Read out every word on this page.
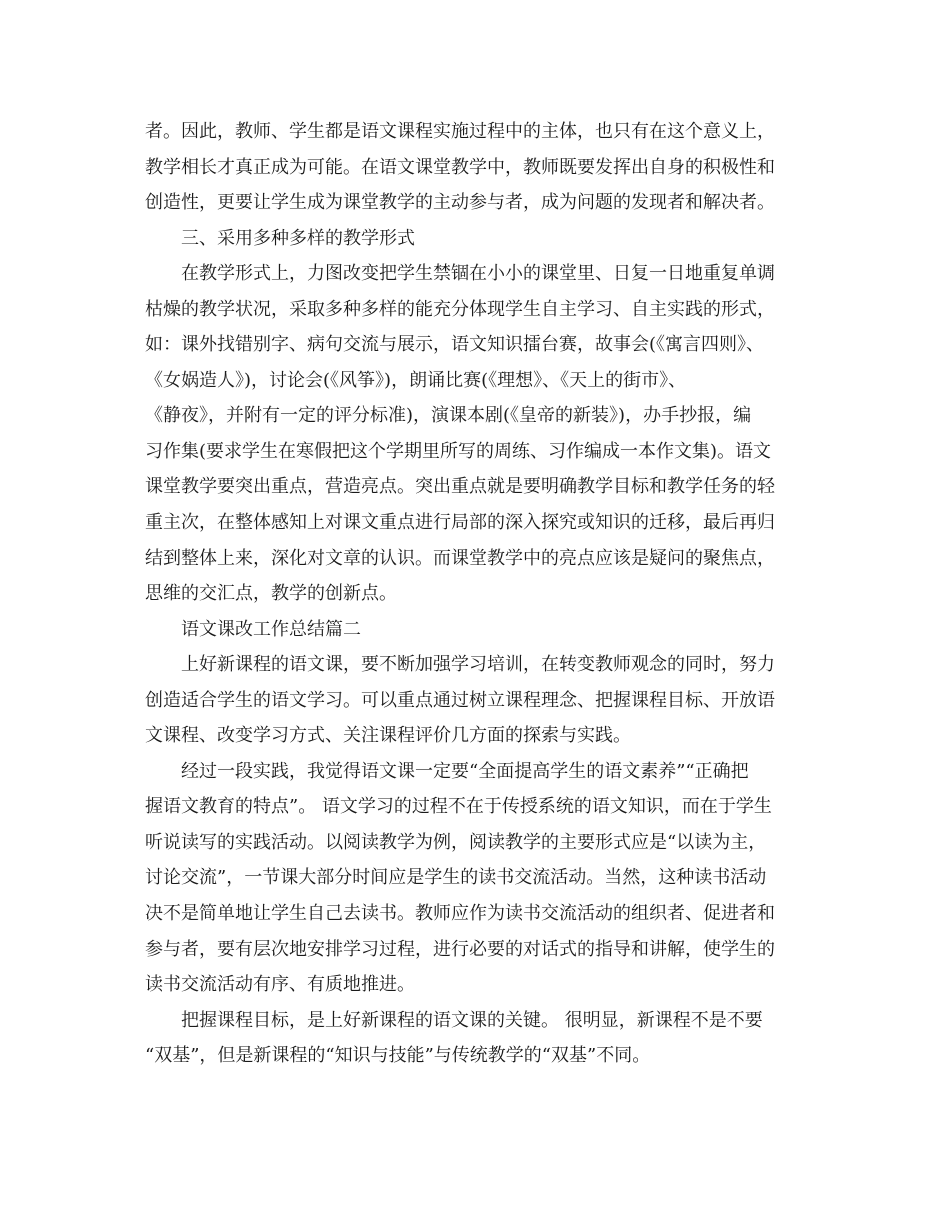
者。因此，教师、学生都是语文课程实施过程中的主体，也只有在这个意义上，
教学相长才真正成为可能。在语文课堂教学中，教师既要发挥出自身的积极性和
创造性，更要让学生成为课堂教学的主动参与者，成为问题的发现者和解决者。
三、采用多种多样的教学形式
在教学形式上，力图改变把学生禁锢在小小的课堂里、日复一日地重复单调
枯燥的教学状况，采取多种多样的能充分体现学生自主学习、自主实践的形式，
如：课外找错别字、病句交流与展示，语文知识擂台赛，故事会(《寓言四则》、
《女娲造人》)，讨论会(《风筝》)，朗诵比赛(《理想》、《天上的街市》、
《静夜》，并附有一定的评分标准)，演课本剧(《皇帝的新装》)，办手抄报，编
习作集(要求学生在寒假把这个学期里所写的周练、习作编成一本作文集)。语文
课堂教学要突出重点，营造亮点。突出重点就是要明确教学目标和教学任务的轻
重主次，在整体感知上对课文重点进行局部的深入探究或知识的迁移，最后再归
结到整体上来，深化对文章的认识。而课堂教学中的亮点应该是疑问的聚焦点，
思维的交汇点，教学的创新点。
语文课改工作总结篇二
上好新课程的语文课，要不断加强学习培训，在转变教师观念的同时，努力
创造适合学生的语文学习。可以重点通过树立课程理念、把握课程目标、开放语
文课程、改变学习方式、关注课程评价几方面的探索与实践。
经过一段实践，我觉得语文课一定要“全面提高学生的语文素养”“正确把
握语文教育的特点”。 语文学习的过程不在于传授系统的语文知识，而在于学生
听说读写的实践活动。以阅读教学为例，阅读教学的主要形式应是“以读为主，
讨论交流”，一节课大部分时间应是学生的读书交流活动。当然，这种读书活动
决不是简单地让学生自己去读书。教师应作为读书交流活动的组织者、促进者和
参与者，要有层次地安排学习过程，进行必要的对话式的指导和讲解，使学生的
读书交流活动有序、有质地推进。
把握课程目标，是上好新课程的语文课的关键。 很明显，新课程不是不要
“双基”，但是新课程的“知识与技能”与传统教学的“双基”不同。
